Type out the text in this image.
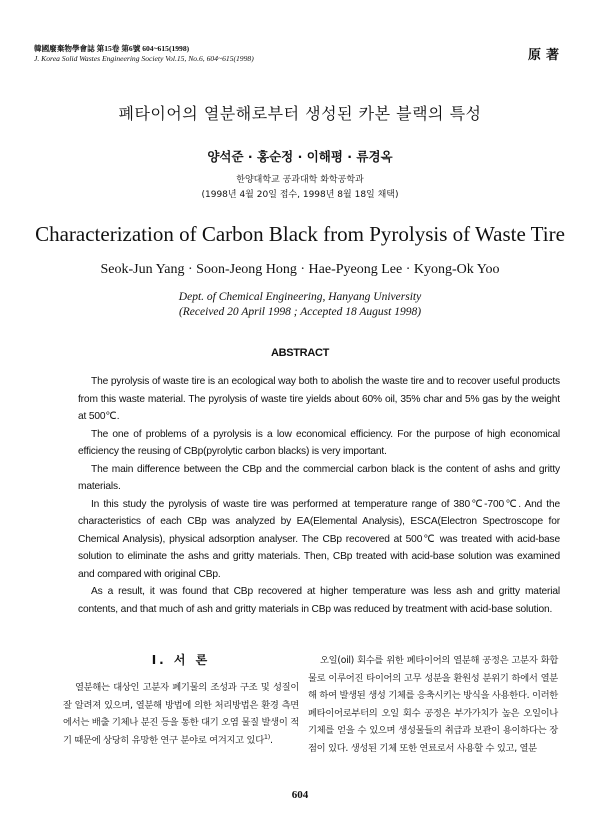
韓國廢棄物學會誌 第15卷 第6號 604~615(1998)
J. Korea Solid Wastes Engineering Society Vol.15, No.6, 604~615(1998)	原著
폐타이어의 열분해로부터 생성된 카본 블랙의 특성
양석준 · 홍순정 · 이해평 · 류경옥
한양대학교 공과대학 화학공학과
(1998년 4월 20일 접수, 1998년 8월 18일 채택)
Characterization of Carbon Black from Pyrolysis of Waste Tire
Seok-Jun Yang · Soon-Jeong Hong · Hae-Pyeong Lee · Kyong-Ok Yoo
Dept. of Chemical Engineering, Hanyang University
(Received 20 April 1998 ; Accepted 18 August 1998)
ABSTRACT

The pyrolysis of waste tire is an ecological way both to abolish the waste tire and to recover useful products from this waste material. The pyrolysis of waste tire yields about 60% oil, 35% char and 5% gas by the weight at 500℃.

The one of problems of a pyrolysis is a low economical efficiency. For the purpose of high economical efficiency the reusing of CBp(pyrolytic carbon blacks) is very important.

The main difference between the CBp and the commercial carbon black is the content of ashs and gritty materials.

In this study the pyrolysis of waste tire was performed at temperature range of 380℃-700℃. And the characteristics of each CBp was analyzed by EA(Elemental Analysis), ESCA(Electron Spectroscope for Chemical Analysis), physical adsorption analyser. The CBp recovered at 500℃ was treated with acid-base solution to eliminate the ashs and gritty materials. Then, CBp treated with acid-base solution was examined and compared with original CBp.

As a result, it was found that CBp recovered at higher temperature was less ash and gritty material contents, and that much of ash and gritty materials in CBp was reduced by treatment with acid-base solution.

Ⅰ. 서 론

열분해는 대상인 고분자 폐기물의 조성과 구조 및 성질이 잘 알려져 있으며, 열분해 방법에 의한 처리방법은 환경 측면에서는 배출 기체나 분진 등을 통한 대기 오염 물질 발생이 적기 때문에 상당히 유망한 연구 분야로 여겨지고 있다$^{1)}$.

오일(oil) 회수를 위한 폐타이어의 열분해 공정은 고분자 화합물로 이루어진 타이어의 고무 성분을 환원성 분위기 하에서 열분해 하여 발생된 생성 기체를 응축시키는 방식을 사용한다. 이러한 폐타이어로부터의 오일 회수 공정은 부가가치가 높은 오일이나 기체를 얻을 수 있으며 생성물들의 취급과 보관이 용이하다는 장점이 있다. 생성된 기체 또한 연료로서 사용할 수 있고, 열분

604
